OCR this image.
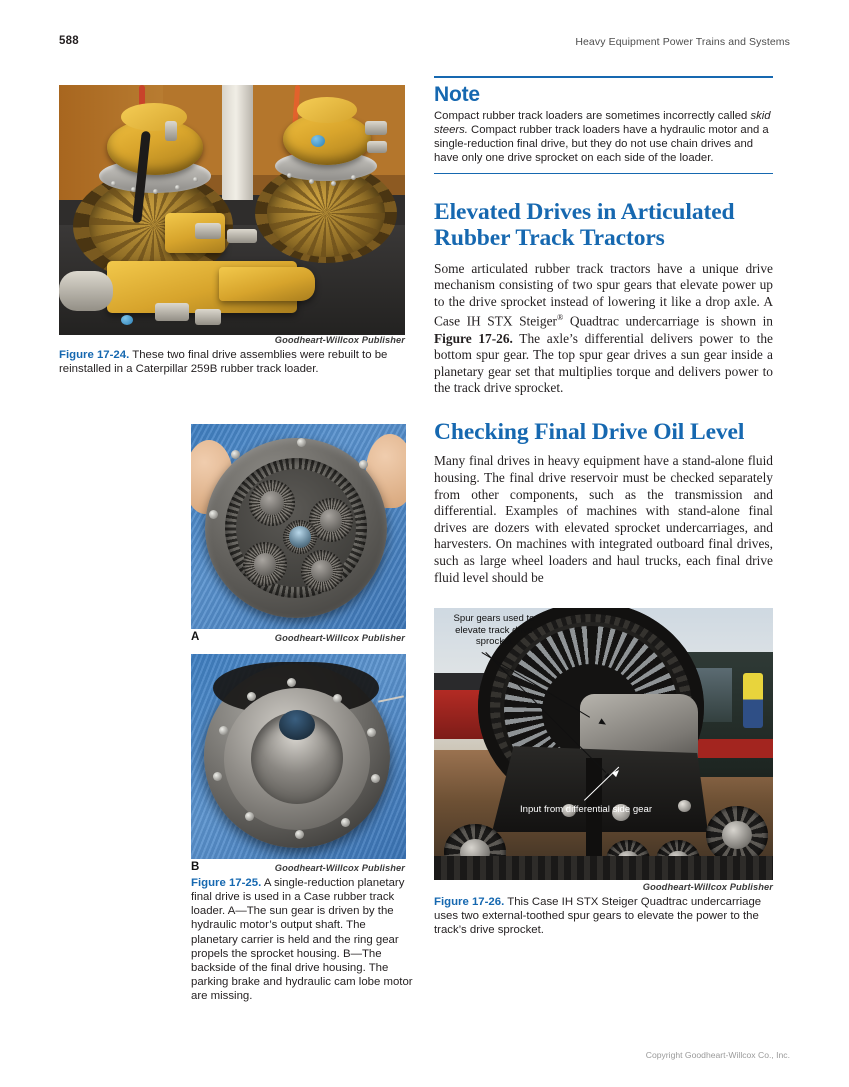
588	Heavy Equipment Power Trains and Systems
Goodheart-Willcox Publisher
Figure 17-24. These two final drive assemblies were rebuilt to be reinstalled in a Caterpillar 259B rubber track loader.
A	Goodheart-Willcox Publisher
B	Goodheart-Willcox Publisher
Figure 17-25. A single-reduction planetary final drive is used in a Case rubber track loader. A—The sun gear is driven by the hydraulic motor’s output shaft. The planetary carrier is held and the ring gear propels the sprocket housing. B—The backside of the final drive housing. The parking brake and hydraulic cam lobe motor are missing.
Note
Compact rubber track loaders are sometimes incorrectly called skid steers. Compact rubber track loaders have a hydraulic motor and a single-reduction final drive, but they do not use chain drives and have only one drive sprocket on each side of the loader.
Elevated Drives in Articulated Rubber Track Tractors
Some articulated rubber track tractors have a unique drive mechanism consisting of two spur gears that elevate power up to the drive sprocket instead of lowering it like a drop axle. A Case IH STX Steiger® Quadtrac undercarriage is shown in Figure 17-26. The axle’s differential delivers power to the bottom spur gear. The top spur gear drives a sun gear inside a planetary gear set that multiplies torque and delivers power to the track drive sprocket.
Checking Final Drive Oil Level
Many final drives in heavy equipment have a stand-alone fluid housing. The final drive reservoir must be checked separately from other components, such as the transmission and differential. Examples of machines with stand-alone final drives are dozers with elevated sprocket undercarriages, and harvesters. On machines with integrated outboard final drives, such as large wheel loaders and haul trucks, each final drive fluid level should be
Spur gears used to elevate track drive sprocket
Input from differential side gear
Goodheart-Willcox Publisher
Figure 17-26. This Case IH STX Steiger Quadtrac undercarriage uses two external-toothed spur gears to elevate the power to the track’s drive sprocket.
Copyright Goodheart-Willcox Co., Inc.
